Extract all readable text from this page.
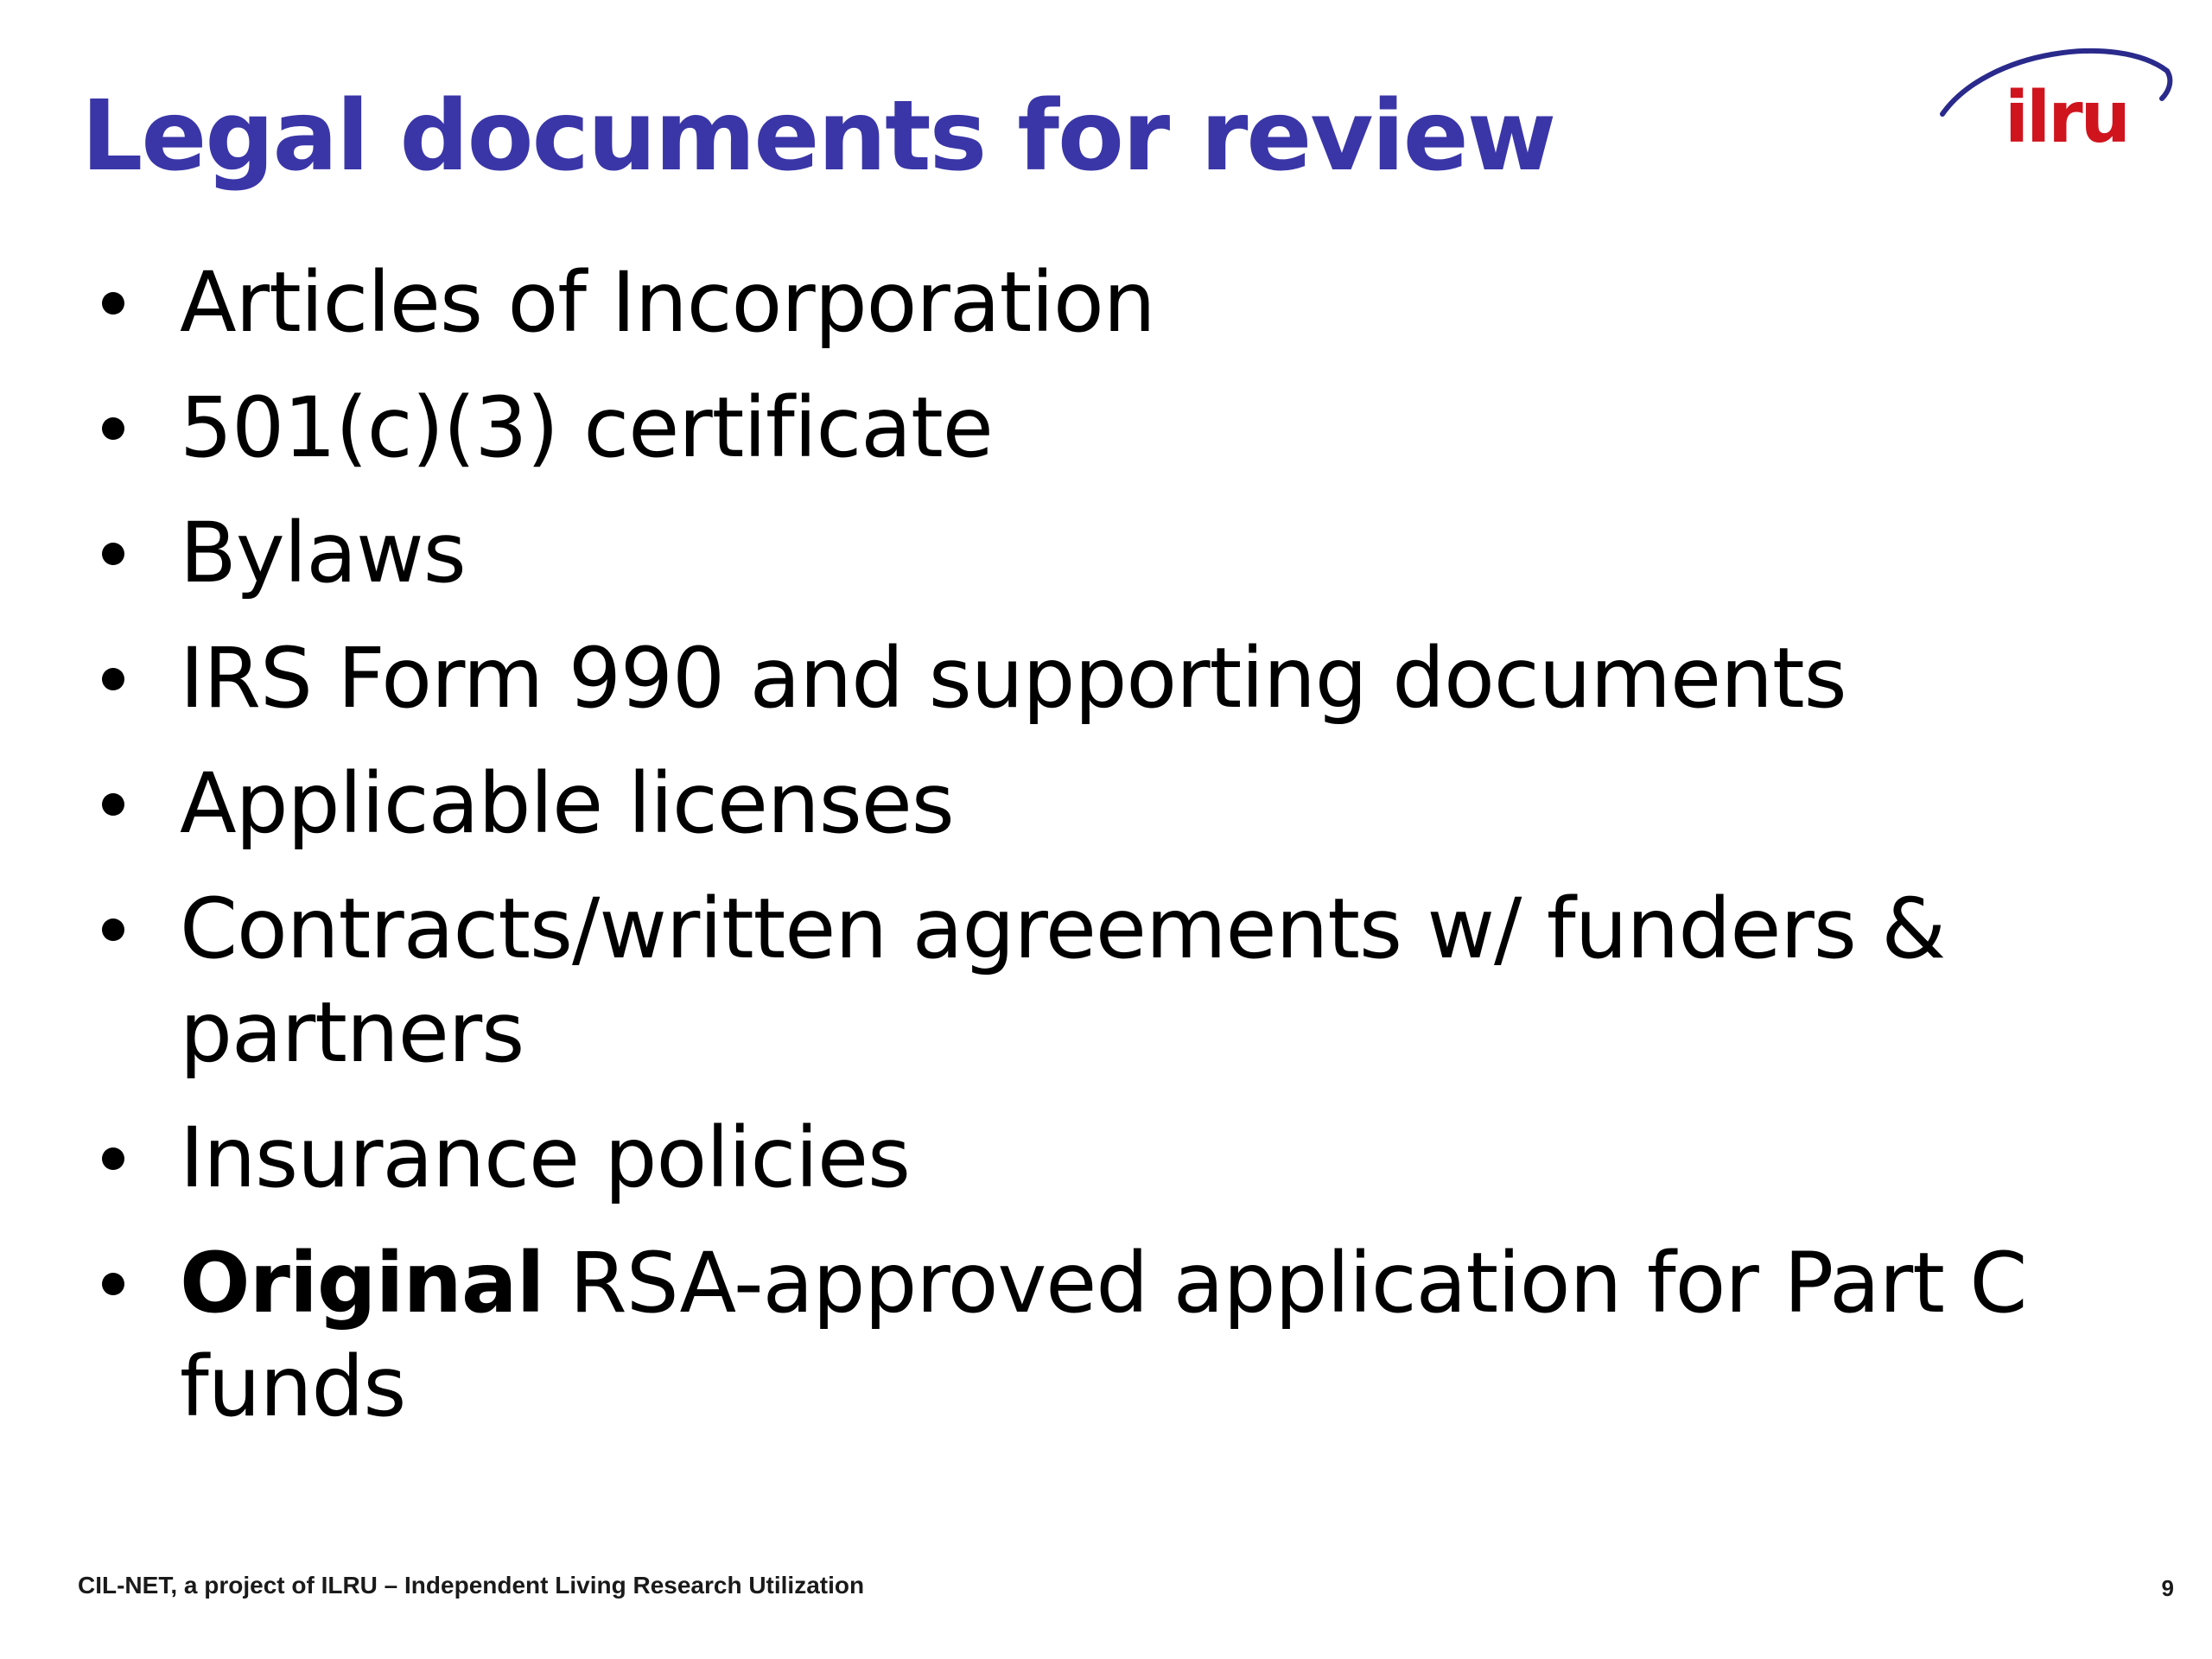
Legal documents for review	ilru
Articles of Incorporation
501(c)(3) certificate
Bylaws
IRS Form 990 and supporting documents
Applicable licenses
Contracts/written agreements w/ funders & partners
Insurance policies
Original RSA-approved application for Part C funds
CIL-NET, a project of ILRU – Independent Living Research Utilization	9
